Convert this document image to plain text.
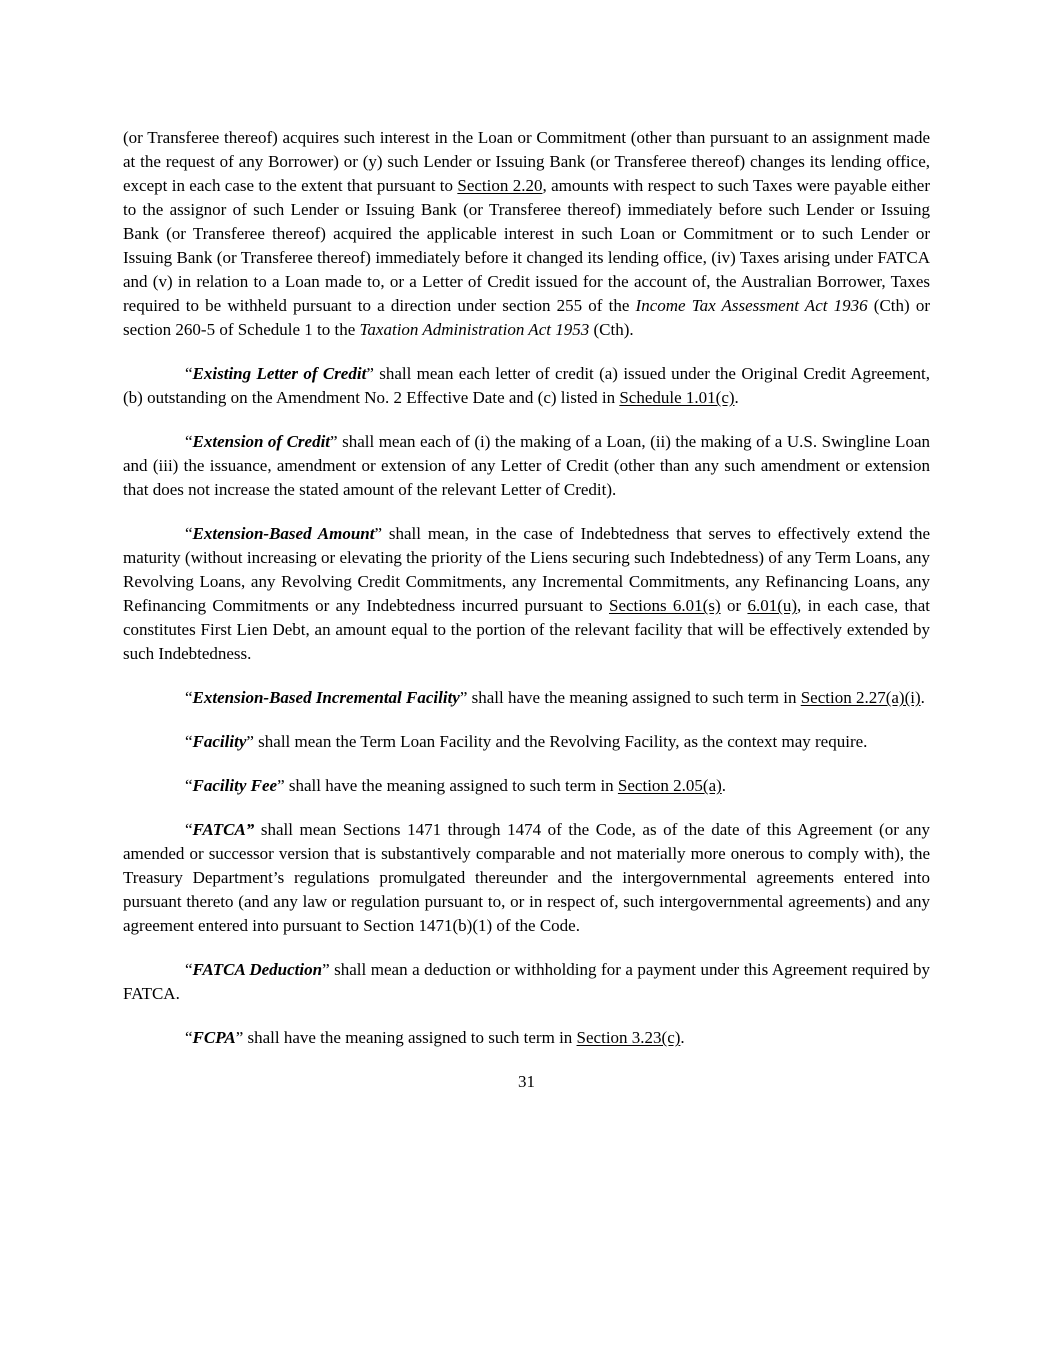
(or Transferee thereof) acquires such interest in the Loan or Commitment (other than pursuant to an assignment made at the request of any Borrower) or (y) such Lender or Issuing Bank (or Transferee thereof) changes its lending office, except in each case to the extent that pursuant to Section 2.20, amounts with respect to such Taxes were payable either to the assignor of such Lender or Issuing Bank (or Transferee thereof) immediately before such Lender or Issuing Bank (or Transferee thereof) acquired the applicable interest in such Loan or Commitment or to such Lender or Issuing Bank (or Transferee thereof) immediately before it changed its lending office, (iv) Taxes arising under FATCA and (v) in relation to a Loan made to, or a Letter of Credit issued for the account of, the Australian Borrower, Taxes required to be withheld pursuant to a direction under section 255 of the Income Tax Assessment Act 1936 (Cth) or section 260-5 of Schedule 1 to the Taxation Administration Act 1953 (Cth).

“Existing Letter of Credit” shall mean each letter of credit (a) issued under the Original Credit Agreement, (b) outstanding on the Amendment No. 2 Effective Date and (c) listed in Schedule 1.01(c).

“Extension of Credit” shall mean each of (i) the making of a Loan, (ii) the making of a U.S. Swingline Loan and (iii) the issuance, amendment or extension of any Letter of Credit (other than any such amendment or extension that does not increase the stated amount of the relevant Letter of Credit).

“Extension-Based Amount” shall mean, in the case of Indebtedness that serves to effectively extend the maturity (without increasing or elevating the priority of the Liens securing such Indebtedness) of any Term Loans, any Revolving Loans, any Revolving Credit Commitments, any Incremental Commitments, any Refinancing Loans, any Refinancing Commitments or any Indebtedness incurred pursuant to Sections 6.01(s) or 6.01(u), in each case, that constitutes First Lien Debt, an amount equal to the portion of the relevant facility that will be effectively extended by such Indebtedness.

“Extension-Based Incremental Facility” shall have the meaning assigned to such term in Section 2.27(a)(i).

“Facility” shall mean the Term Loan Facility and the Revolving Facility, as the context may require.

“Facility Fee” shall have the meaning assigned to such term in Section 2.05(a).

“FATCA” shall mean Sections 1471 through 1474 of the Code, as of the date of this Agreement (or any amended or successor version that is substantively comparable and not materially more onerous to comply with), the Treasury Department’s regulations promulgated thereunder and the intergovernmental agreements entered into pursuant thereto (and any law or regulation pursuant to, or in respect of, such intergovernmental agreements) and any agreement entered into pursuant to Section 1471(b)(1) of the Code.

“FATCA Deduction” shall mean a deduction or withholding for a payment under this Agreement required by FATCA.

“FCPA” shall have the meaning assigned to such term in Section 3.23(c).

31
